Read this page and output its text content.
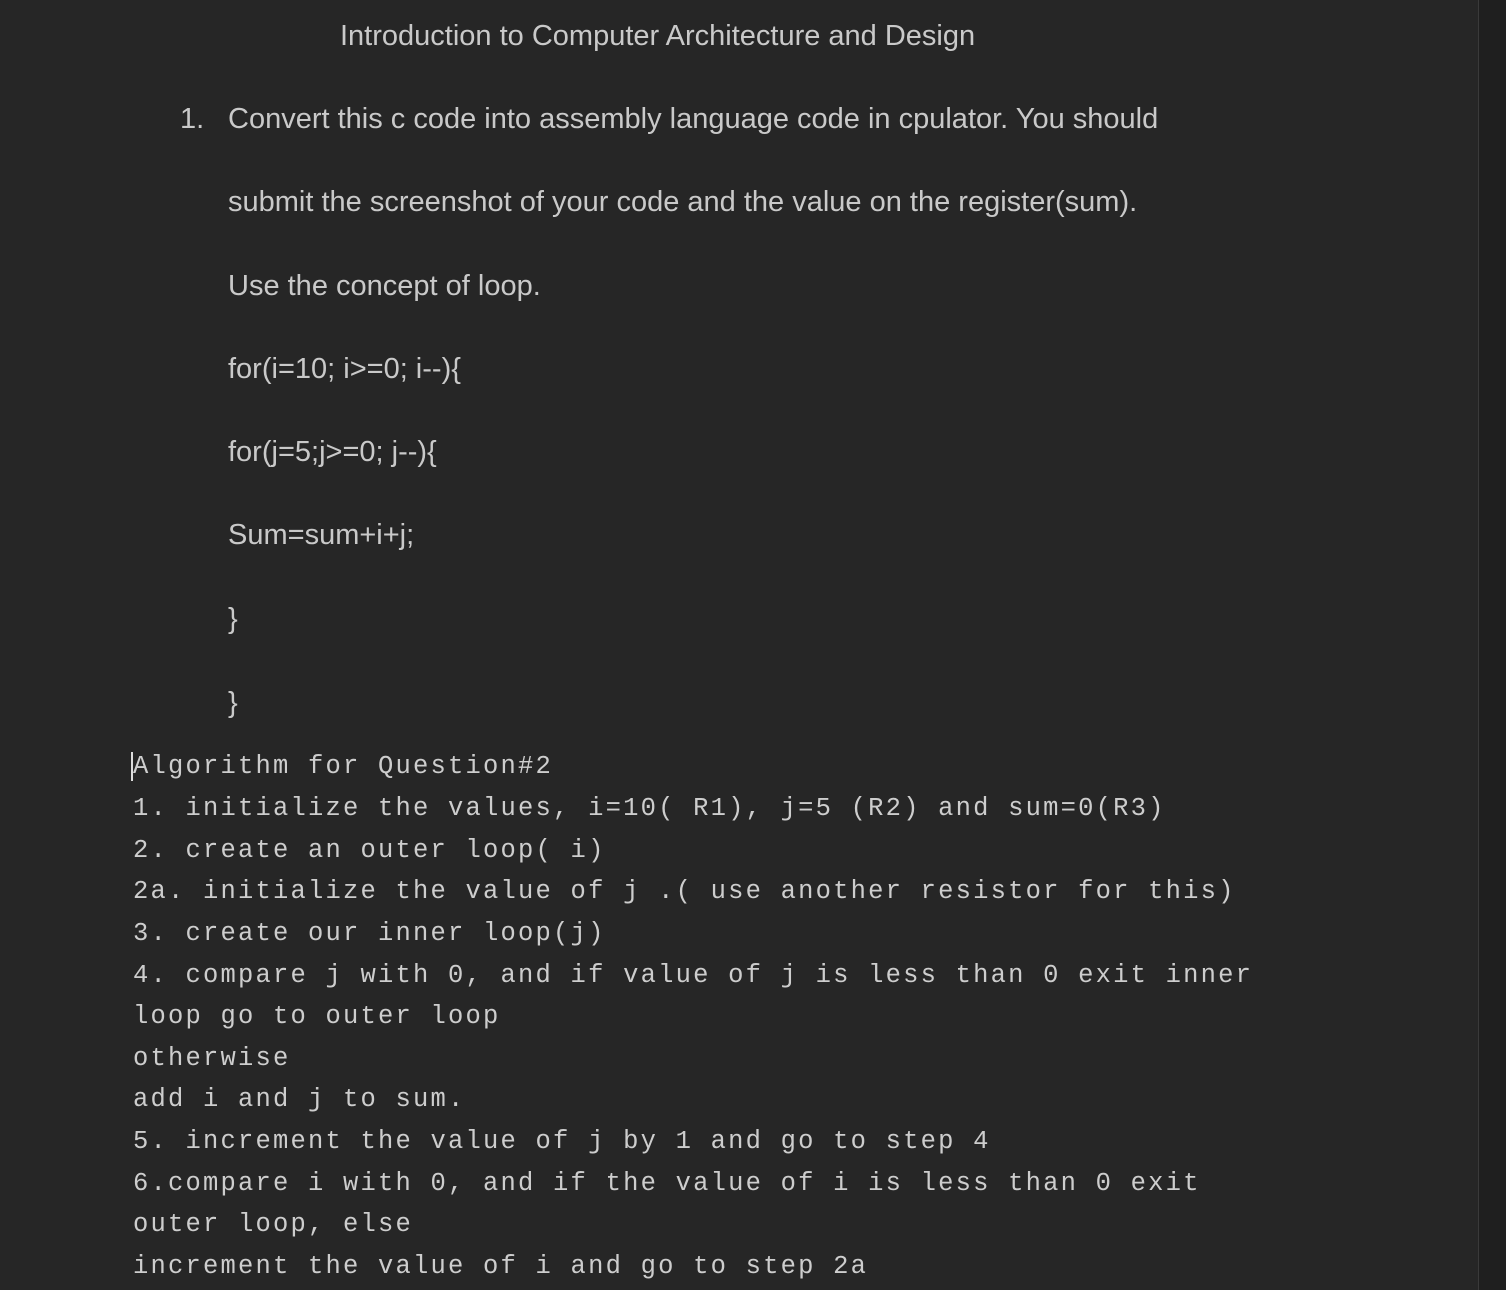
Introduction to Computer Architecture and Design
1. Convert this c code into assembly language code in cpulator. You should
submit the screenshot of your code and the value on the register(sum).
Use the concept of loop.
for(i=10; i>=0; i--){
for(j=5;j>=0; j--){
Sum=sum+i+j;
}
}
Algorithm for Question#2
1. initialize the values, i=10( R1), j=5 (R2) and sum=0(R3)
2. create an outer loop( i)
2a. initialize the value of j .( use another resistor for this)
3. create our inner loop(j)
4. compare j with 0, and if value of j is less than 0 exit inner
loop go to outer loop
otherwise
add i and j to sum.
5. increment the value of j by 1 and go to step 4
6.compare i with 0, and if the value of i is less than 0 exit
outer loop, else
increment the value of i and go to step 2a
